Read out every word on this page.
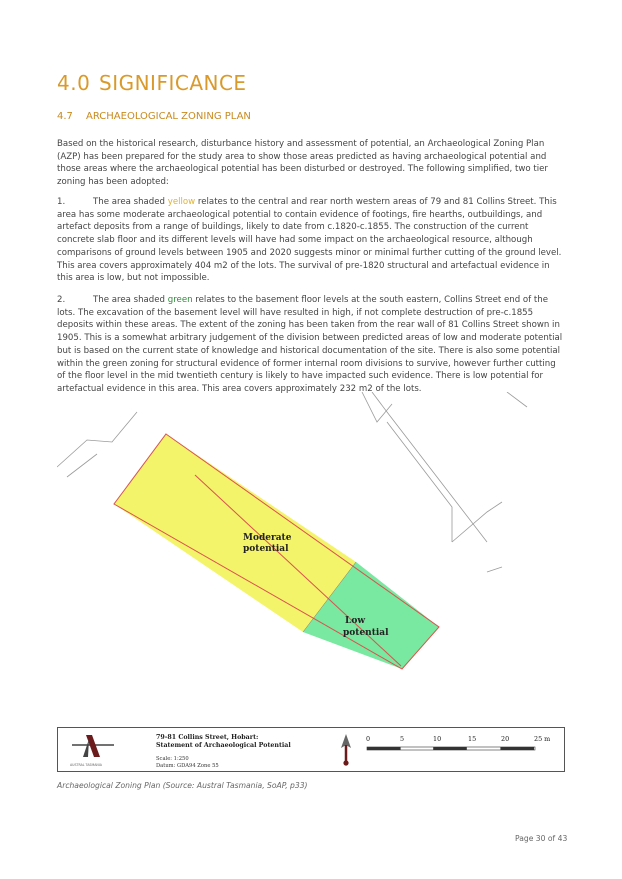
4.0 SIGNIFICANCE
4.7 ARCHAEOLOGICAL ZONING PLAN

Based on the historical research, disturbance history and assessment of potential, an Archaeological Zoning Plan (AZP) has been prepared for the study area to show those areas predicted as having archaeological potential and those areas where the archaeological potential has been disturbed or destroyed. The following simplified, two tier zoning has been adopted:

1.	The area shaded yellow relates to the central and rear north western areas of 79 and 81 Collins Street. This area has some moderate archaeological potential to contain evidence of footings, fire hearths, outbuildings, and artefact deposits from a range of buildings, likely to date from c.1820-c.1855. The construction of the current concrete slab floor and its different levels will have had some impact on the archaeological resource, although comparisons of ground levels between 1905 and 2020 suggests minor or minimal further cutting of the ground level. This area covers approximately 404 m2 of the lots. The survival of pre-1820 structural and artefactual evidence in this area is low, but not impossible.

2.	The area shaded green relates to the basement floor levels at the south eastern, Collins Street end of the lots. The excavation of the basement level will have resulted in high, if not complete destruction of pre-c.1855 deposits within these areas. The extent of the zoning has been taken from the rear wall of 81 Collins Street shown in 1905. This is a somewhat arbitrary judgement of the division between predicted areas of low and moderate potential but is based on the current state of knowledge and historical documentation of the site. There is also some potential within the green zoning for structural evidence of former internal room divisions to survive, however further cutting of the floor level in the mid twentieth century is likely to have impacted such evidence. There is low potential for artefactual evidence in this area. This area covers approximately 232 m2 of the lots.

Moderate
potential
Low
potential
AUSTRAL TASMANIA
79-81 Collins Street, Hobart:
Statement of Archaeological Potential
Scale: 1:250
Datum: GDA94 Zone 55
0	5	10	15	20	25 m
Archaeological Zoning Plan (Source: Austral Tasmania, SoAP, p33)
Page 30 of 43
